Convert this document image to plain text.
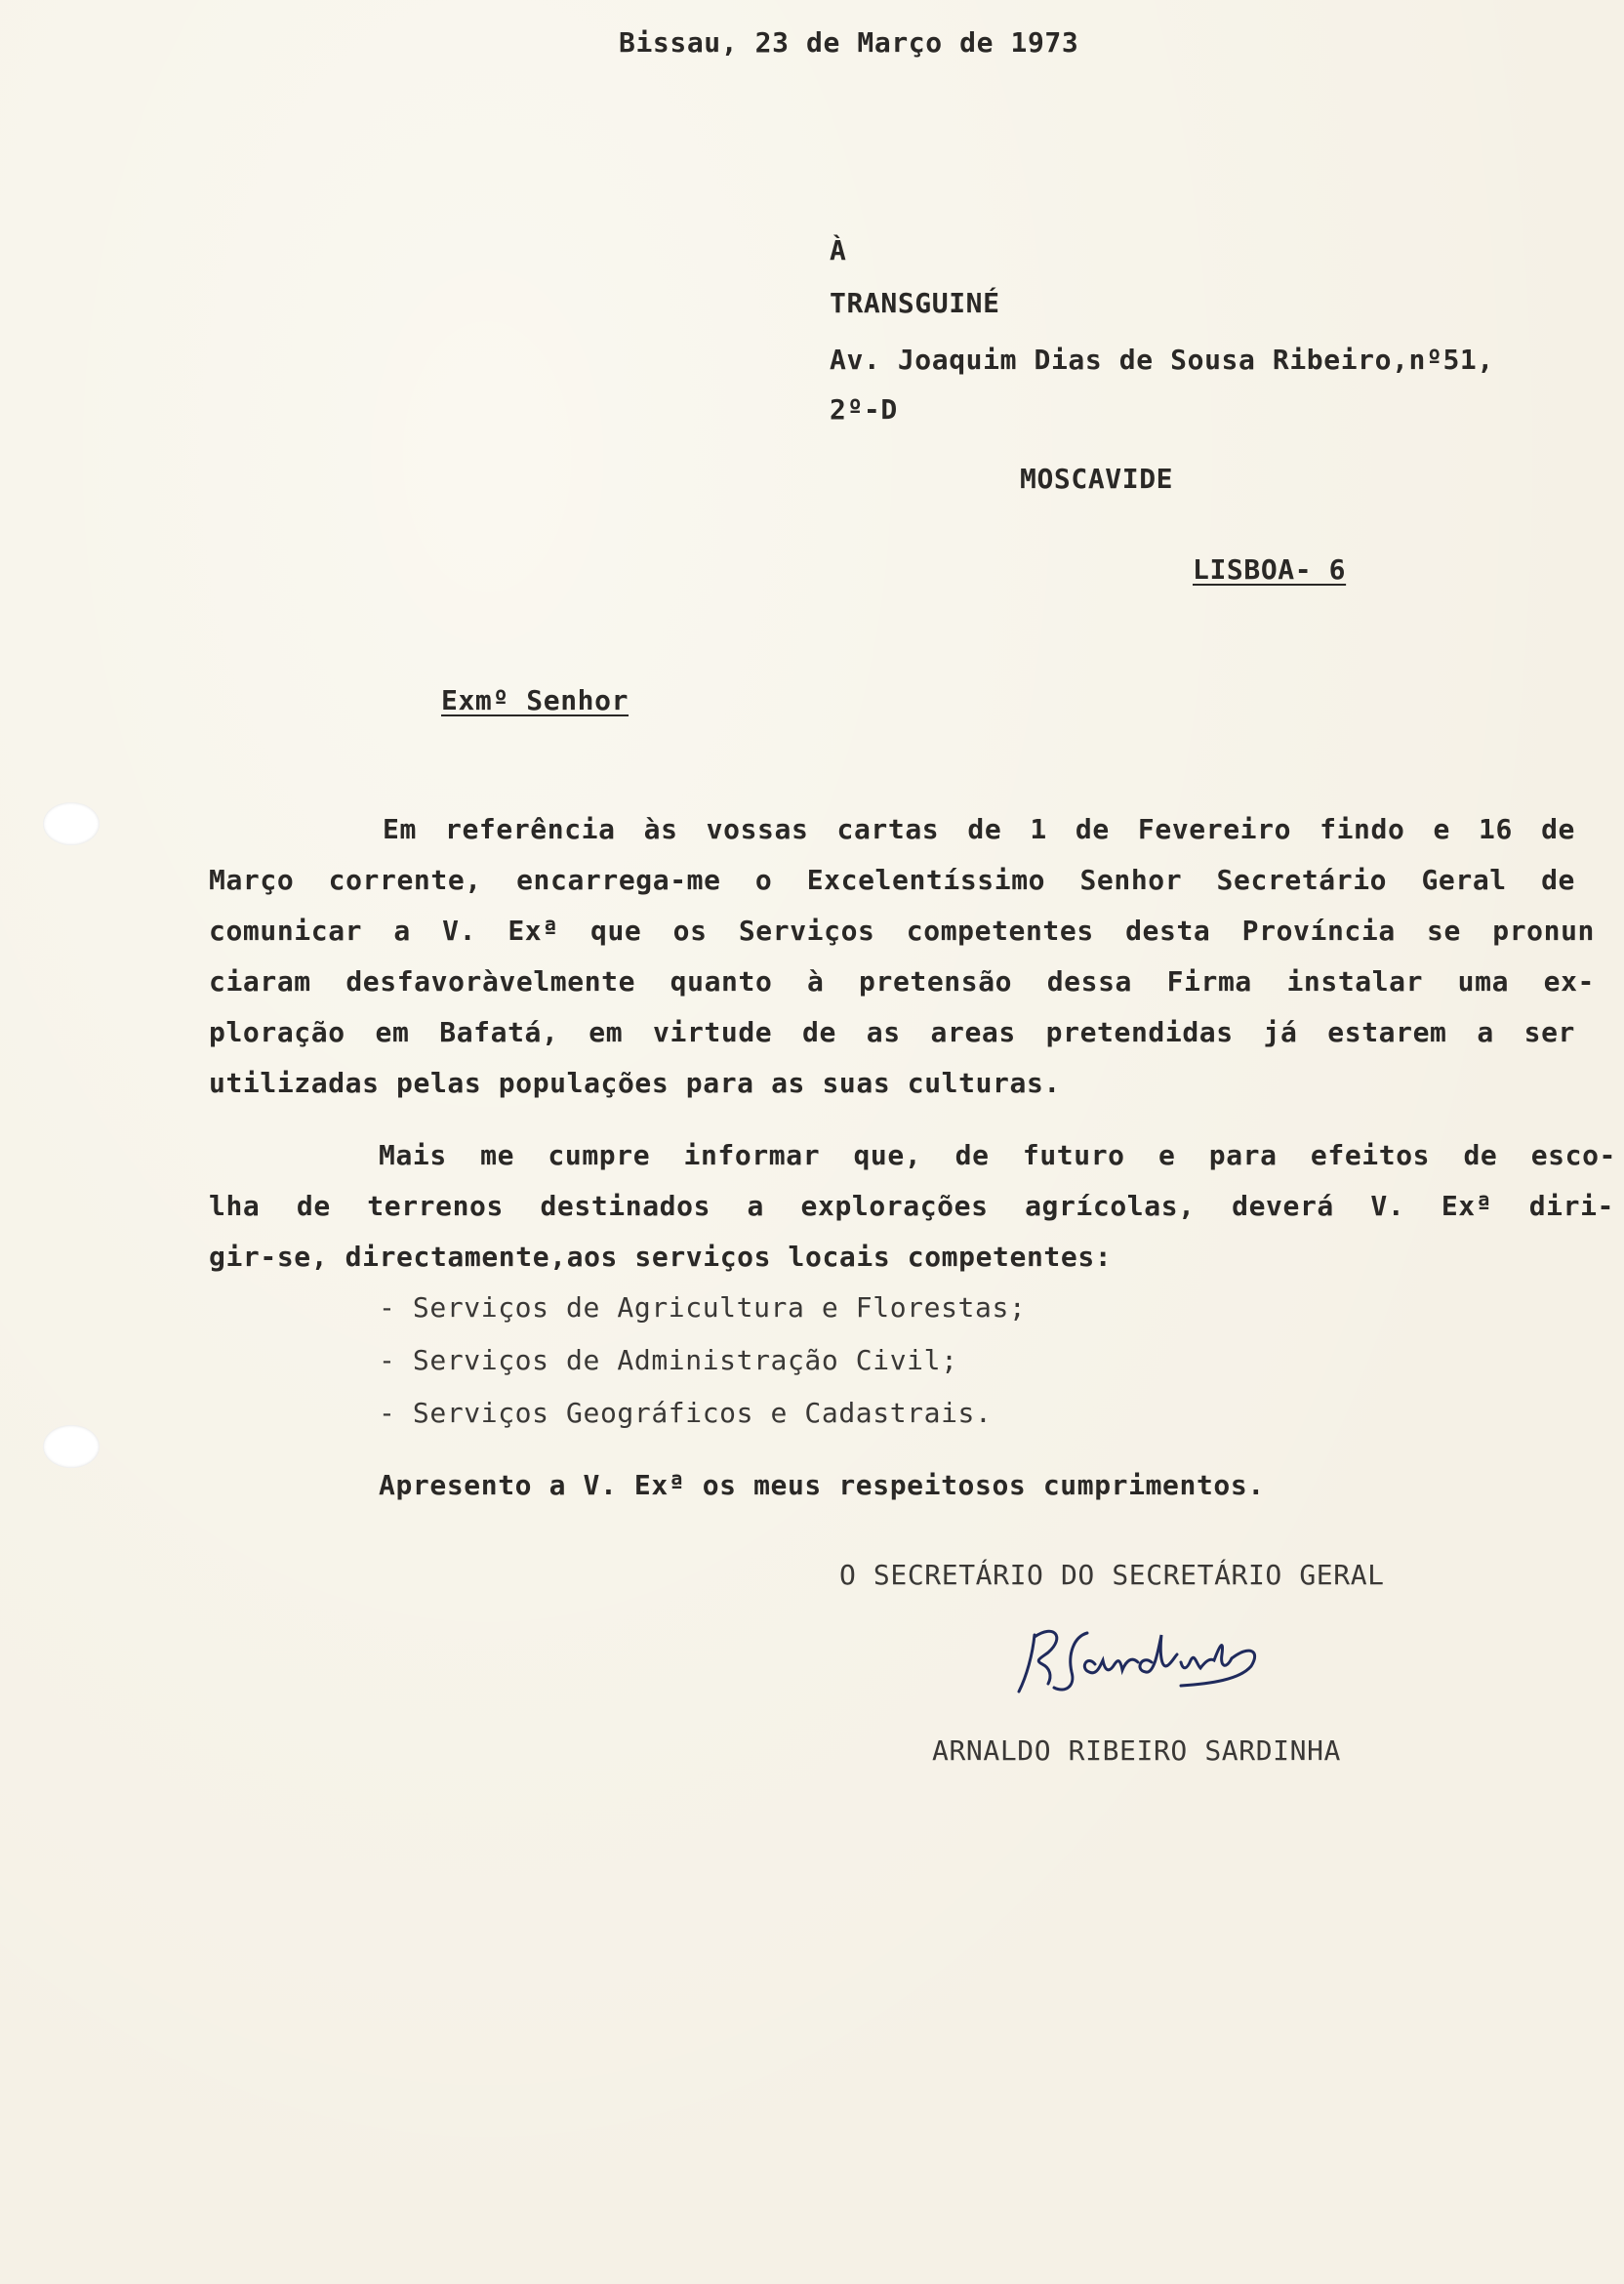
Bissau, 23 de Março de 1973
À
TRANSGUINÉ
Av. Joaquim Dias de Sousa Ribeiro,nº51,
2º-D
MOSCAVIDE
LISBOA- 6
Exmº Senhor
Em referência às vossas cartas de 1 de Fevereiro findo e 16 de
Março corrente, encarrega-me o Excelentíssimo Senhor Secretário Geral de
comunicar a V. Exª que os Serviços competentes desta Província se pronun
ciaram desfavoràvelmente quanto à pretensão dessa Firma instalar uma ex-
ploração em Bafatá, em virtude de as areas pretendidas já estarem a ser
utilizadas pelas populações para as suas culturas.
Mais me cumpre informar que, de futuro e para efeitos de esco-
lha de terrenos destinados a explorações agrícolas, deverá V. Exª diri-
gir-se, directamente,aos serviços locais competentes:
- Serviços de Agricultura e Florestas;
- Serviços de Administração Civil;
- Serviços Geográficos e Cadastrais.
Apresento a V. Exª os meus respeitosos cumprimentos.
O SECRETÁRIO DO SECRETÁRIO GERAL
ARNALDO RIBEIRO SARDINHA
